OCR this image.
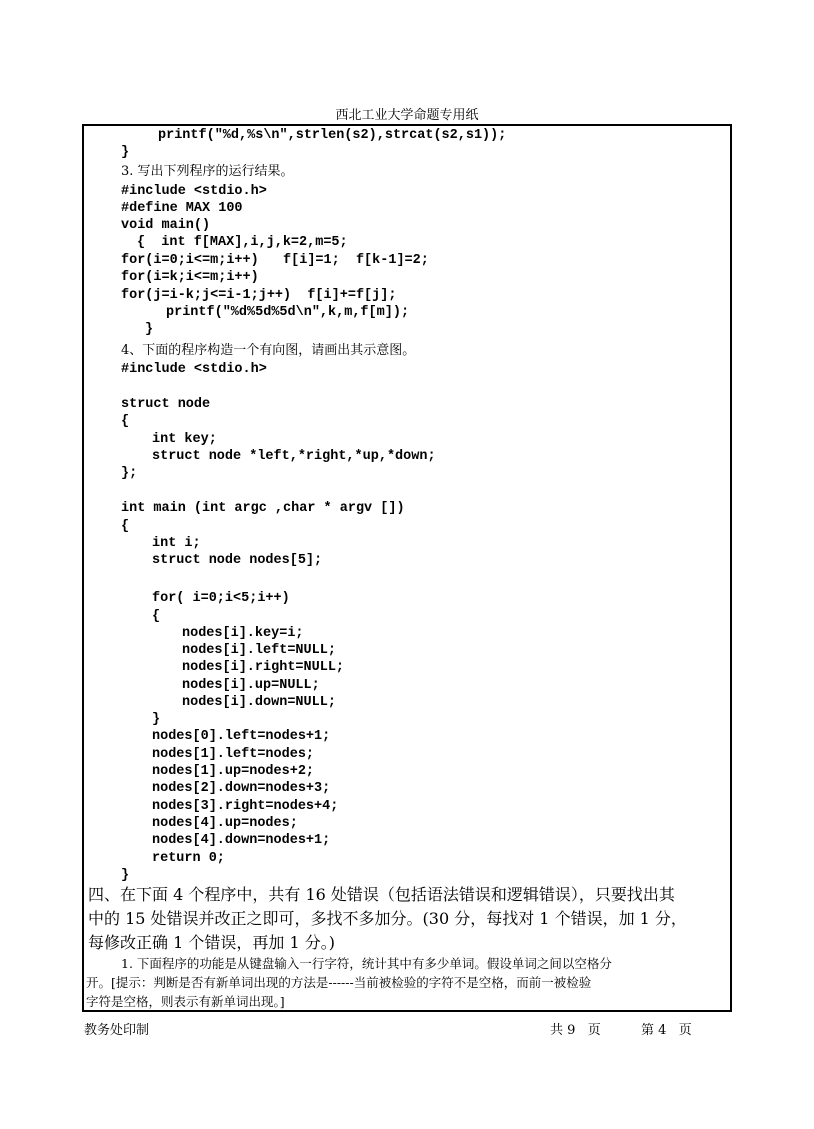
西北工业大学命题专用纸
printf("%d,%s\n",strlen(s2),strcat(s2,s1));
}
3. 写出下列程序的运行结果。
#include <stdio.h>
#define MAX 100
void main()
{  int f[MAX],i,j,k=2,m=5;
for(i=0;i<=m;i++)   f[i]=1;  f[k-1]=2;
for(i=k;i<=m;i++)
for(j=i-k;j<=i-1;j++)  f[i]+=f[j];
printf("%d%5d%5d\n",k,m,f[m]);
}
4、下面的程序构造一个有向图，请画出其示意图。
#include <stdio.h>
struct node
{
int key;
struct node *left,*right,*up,*down;
};
int main (int argc ,char * argv [])
{
int i;
struct node nodes[5];
for( i=0;i<5;i++)
{
nodes[i].key=i;
nodes[i].left=NULL;
nodes[i].right=NULL;
nodes[i].up=NULL;
nodes[i].down=NULL;
}
nodes[0].left=nodes+1;
nodes[1].left=nodes;
nodes[1].up=nodes+2;
nodes[2].down=nodes+3;
nodes[3].right=nodes+4;
nodes[4].up=nodes;
nodes[4].down=nodes+1;
return 0;
}
四、在下面 4 个程序中，共有 16 处错误（包括语法错误和逻辑错误），只要找出其
中的 15 处错误并改正之即可，多找不多加分。(30 分，每找对 1 个错误，加 1 分，
每修改正确 1 个错误，再加 1 分。)
1. 下面程序的功能是从键盘输入一行字符，统计其中有多少单词。假设单词之间以空格分
开。[提示：判断是否有新单词出现的方法是------当前被检验的字符不是空格，而前一被检验
字符是空格，则表示有新单词出现。]
教务处印制	共 9   页	第 4   页
